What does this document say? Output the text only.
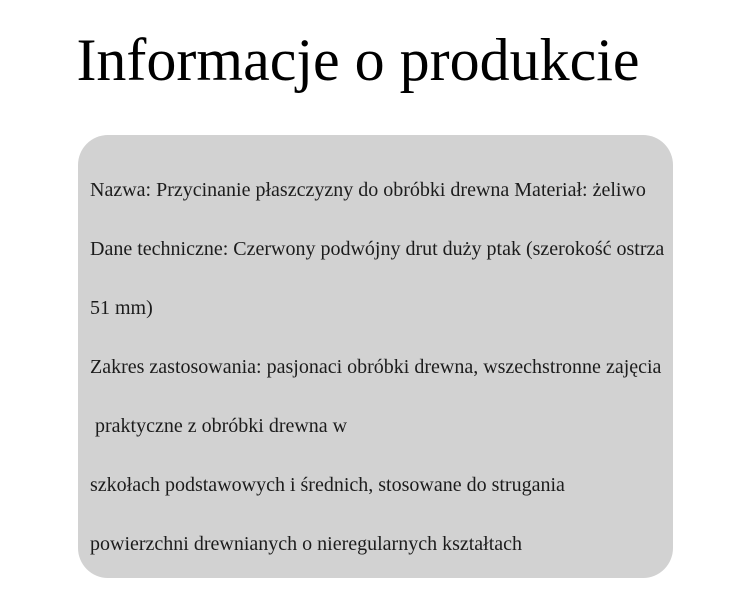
Informacje o produkcie
Nazwa: Przycinanie płaszczyzny do obróbki drewna Materiał: żeliwo
Dane techniczne: Czerwony podwójny drut duży ptak (szerokość ostrza
51 mm)
Zakres zastosowania: pasjonaci obróbki drewna, wszechstronne zajęcia
praktyczne z obróbki drewna w
szkołach podstawowych i średnich, stosowane do strugania
powierzchni drewnianych o nieregularnych kształtach
